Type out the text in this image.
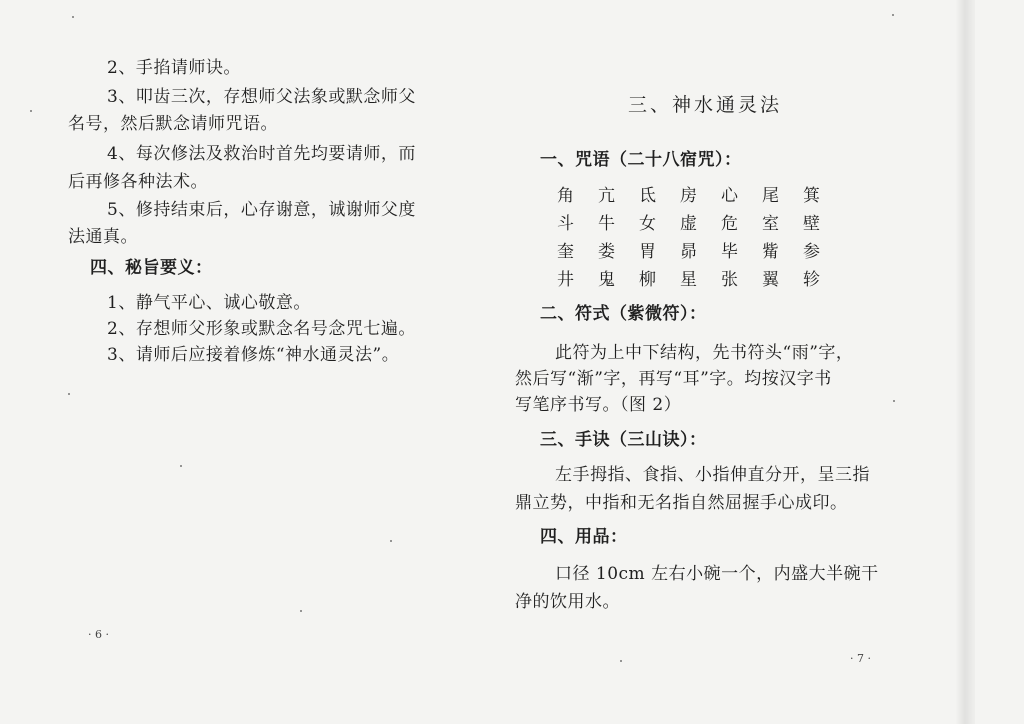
2、手掐请师诀。
3、叩齿三次，存想师父法象或默念师父
名号，然后默念请师咒语。
4、每次修法及救治时首先均要请师，而
后再修各种法术。
5、修持结束后，心存谢意，诚谢师父度
法通真。
四、秘旨要义：
1、静气平心、诚心敬意。
2、存想师父形象或默念名号念咒七遍。
3、请师后应接着修炼“神水通灵法”。
· 6 ·
三、神水通灵法
一、咒语（二十八宿咒）：
角	亢	氐	房	心	尾	箕
斗	牛	女	虚	危	室	壁
奎	娄	胃	昴	毕	觜	参
井	鬼	柳	星	张	翼	轸
二、符式（紫微符）：
此符为上中下结构，先书符头“雨”字，
然后写“渐”字，再写“耳”字。均按汉字书
写笔序书写。（图 2）
三、手诀（三山诀）：
左手拇指、食指、小指伸直分开，呈三指
鼎立势，中指和无名指自然屈握手心成印。
四、用品：
口径 10cm 左右小碗一个，内盛大半碗干
净的饮用水。
· 7 ·
